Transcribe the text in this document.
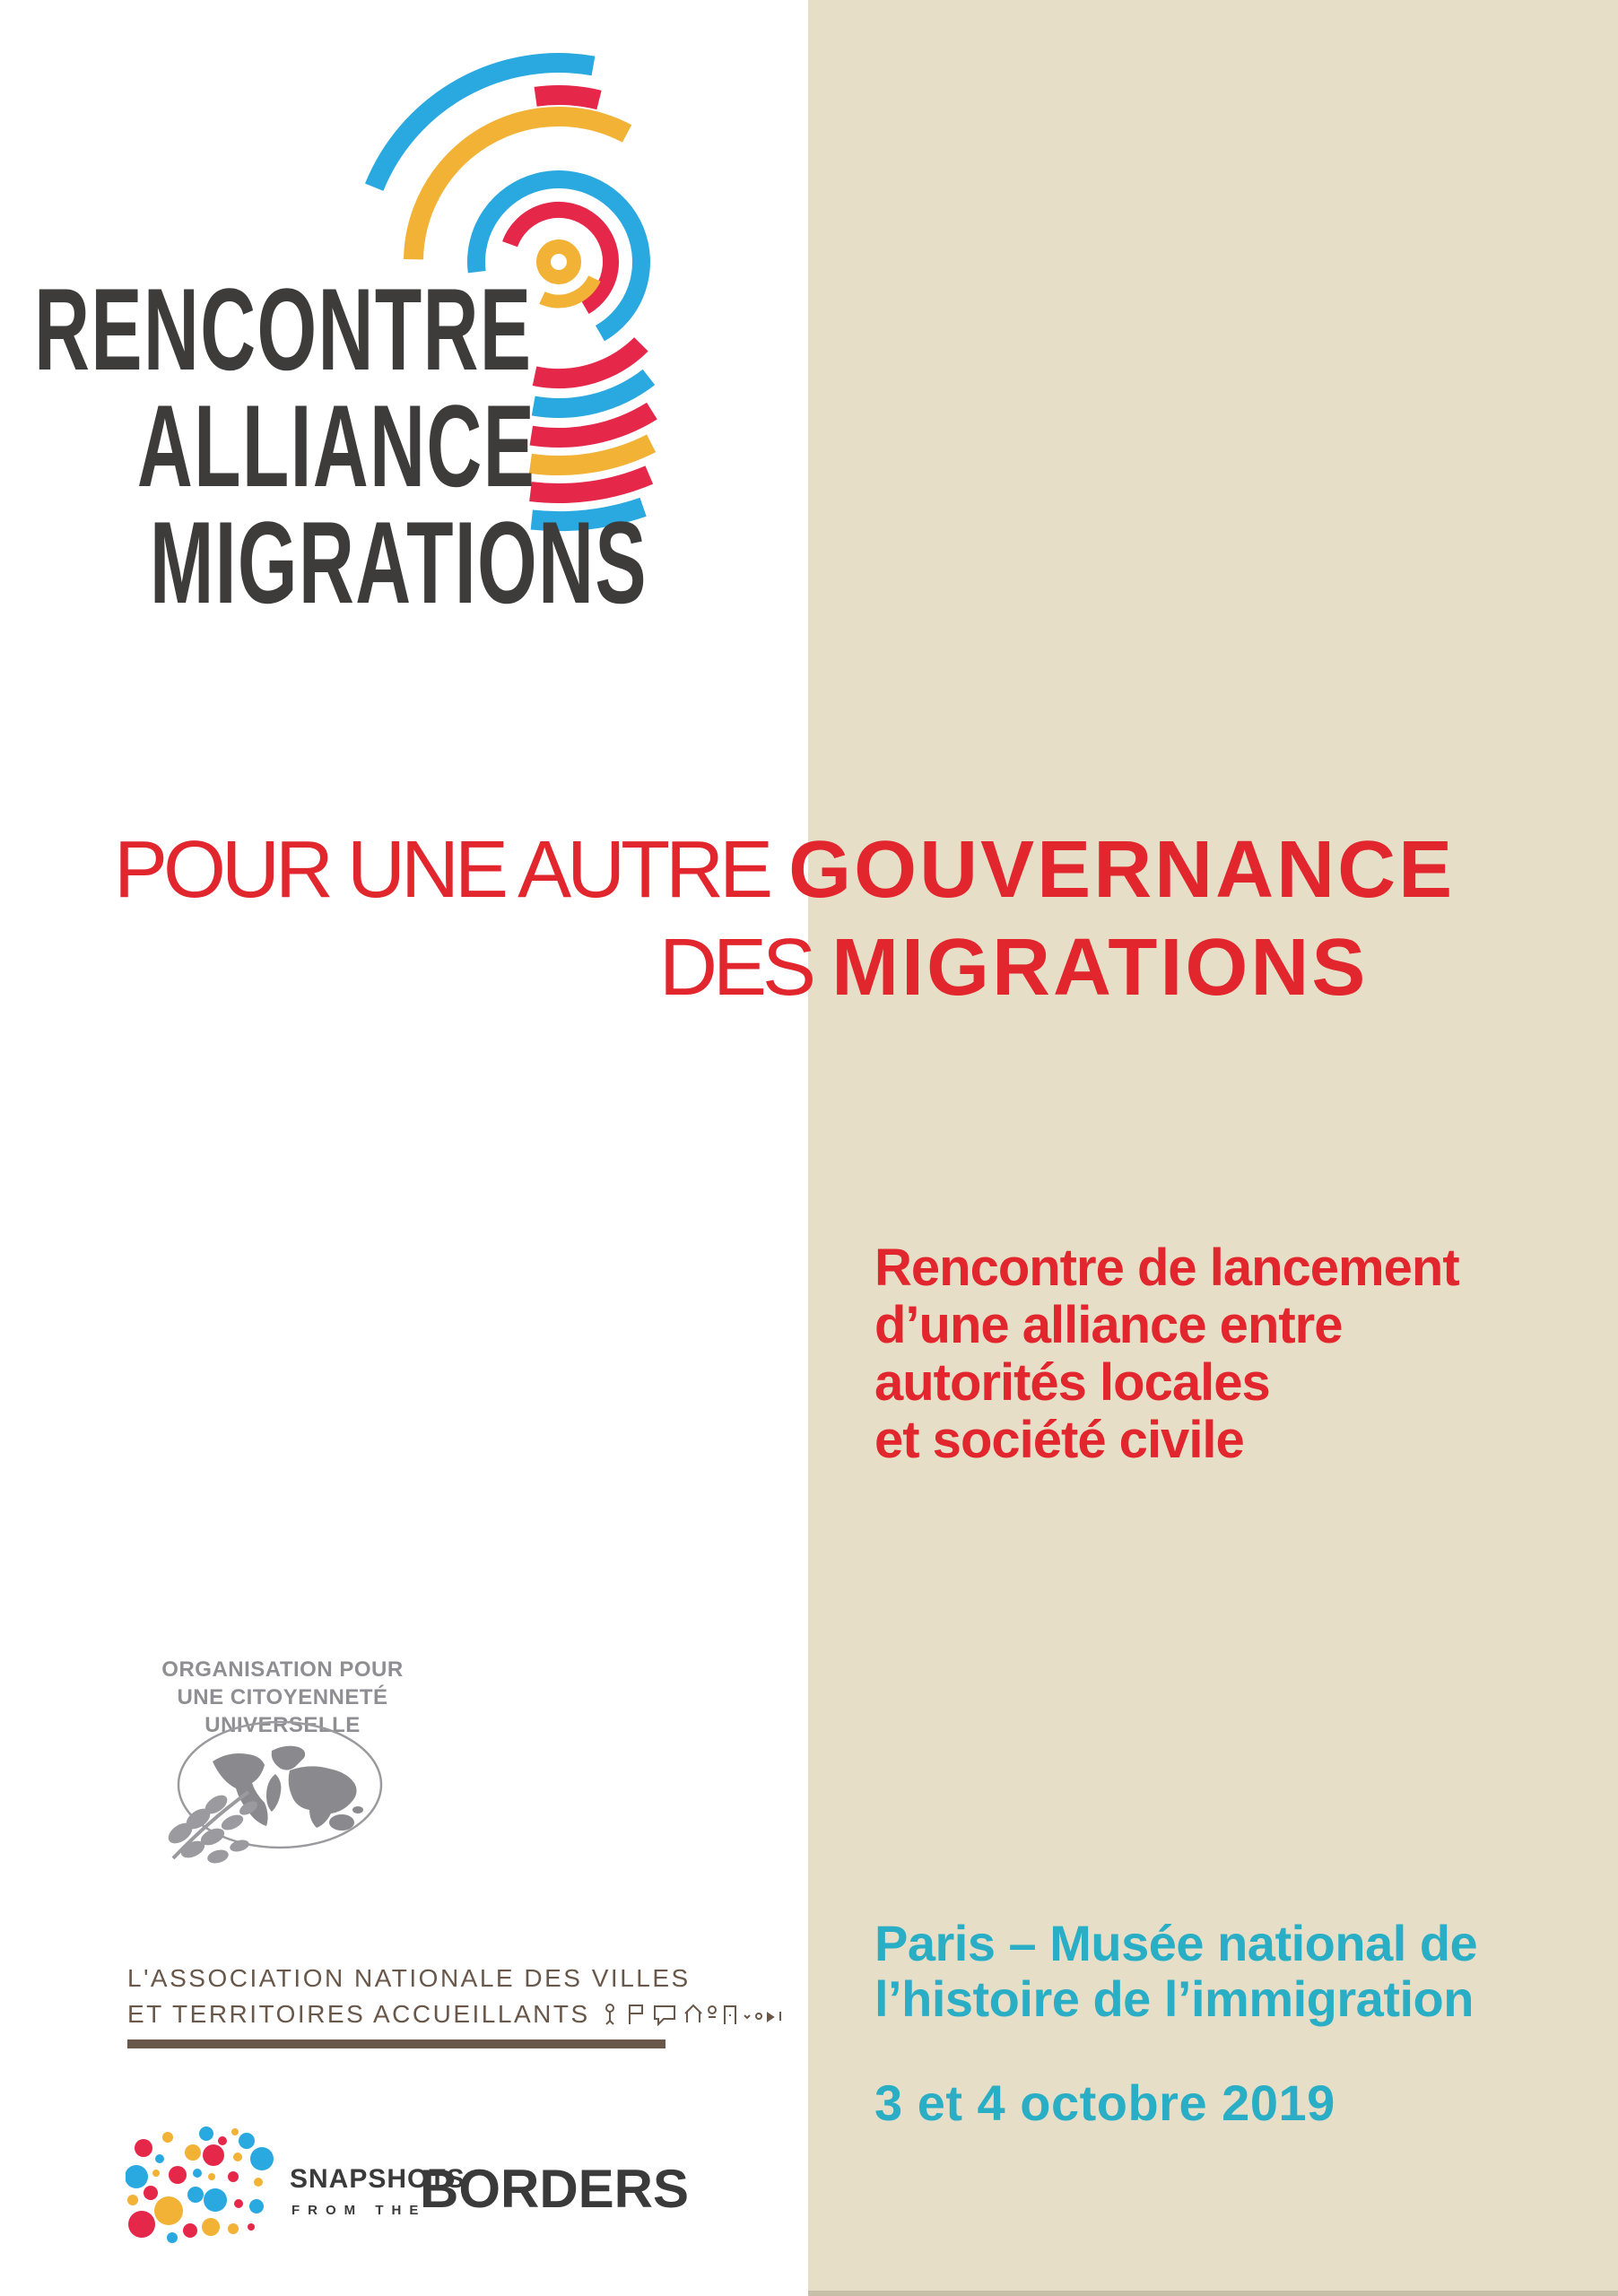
RENCONTRE
ALLIANCE
MIGRATIONS
POUR UNE AUTRE GOUVERNANCE
DES MIGRATIONS
Rencontre de lancement
d’une alliance entre
autorités locales
et société civile
Paris – Musée national de
l’histoire de l’immigration
3 et 4 octobre 2019
ORGANISATION POUR
UNE CITOYENNETÉ UNIVERSELLE
L'ASSOCIATION NATIONALE DES VILLES
ET TERRITOIRES ACCUEILLANTS
SNAPSHOTS
FROM THE
BORDERS
